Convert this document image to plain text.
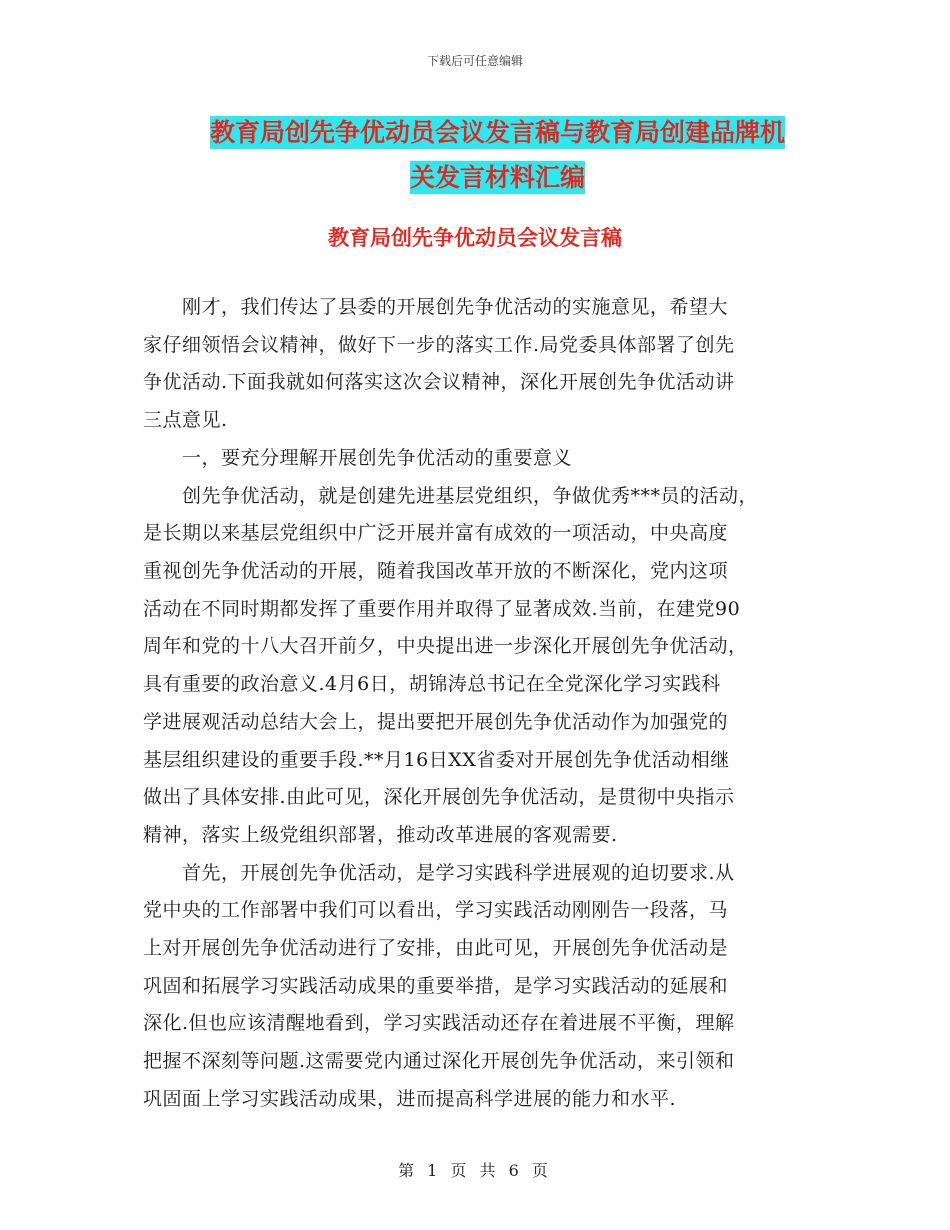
下载后可任意编辑
教育局创先争优动员会议发言稿与教育局创建品牌机
关发言材料汇编
教育局创先争优动员会议发言稿
　　刚才，我们传达了县委的开展创先争优活动的实施意见，希望大
家仔细领悟会议精神，做好下一步的落实工作.局党委具体部署了创先
争优活动.下面我就如何落实这次会议精神，深化开展创先争优活动讲
三点意见.
　　一，要充分理解开展创先争优活动的重要意义
　　创先争优活动，就是创建先进基层党组织，争做优秀***员的活动，
是长期以来基层党组织中广泛开展并富有成效的一项活动，中央高度
重视创先争优活动的开展，随着我国改革开放的不断深化，党内这项
活动在不同时期都发挥了重要作用并取得了显著成效.当前，在建党90
周年和党的十八大召开前夕，中央提出进一步深化开展创先争优活动，
具有重要的政治意义.4月6日，胡锦涛总书记在全党深化学习实践科
学进展观活动总结大会上，提出要把开展创先争优活动作为加强党的
基层组织建设的重要手段.**月16日XX省委对开展创先争优活动相继
做出了具体安排.由此可见，深化开展创先争优活动，是贯彻中央指示
精神，落实上级党组织部署，推动改革进展的客观需要.
　　首先，开展创先争优活动，是学习实践科学进展观的迫切要求.从
党中央的工作部署中我们可以看出，学习实践活动刚刚告一段落，马
上对开展创先争优活动进行了安排，由此可见，开展创先争优活动是
巩固和拓展学习实践活动成果的重要举措，是学习实践活动的延展和
深化.但也应该清醒地看到，学习实践活动还存在着进展不平衡，理解
把握不深刻等问题.这需要党内通过深化开展创先争优活动，来引领和
巩固面上学习实践活动成果，进而提高科学进展的能力和水平.
第 1 页 共 6 页
